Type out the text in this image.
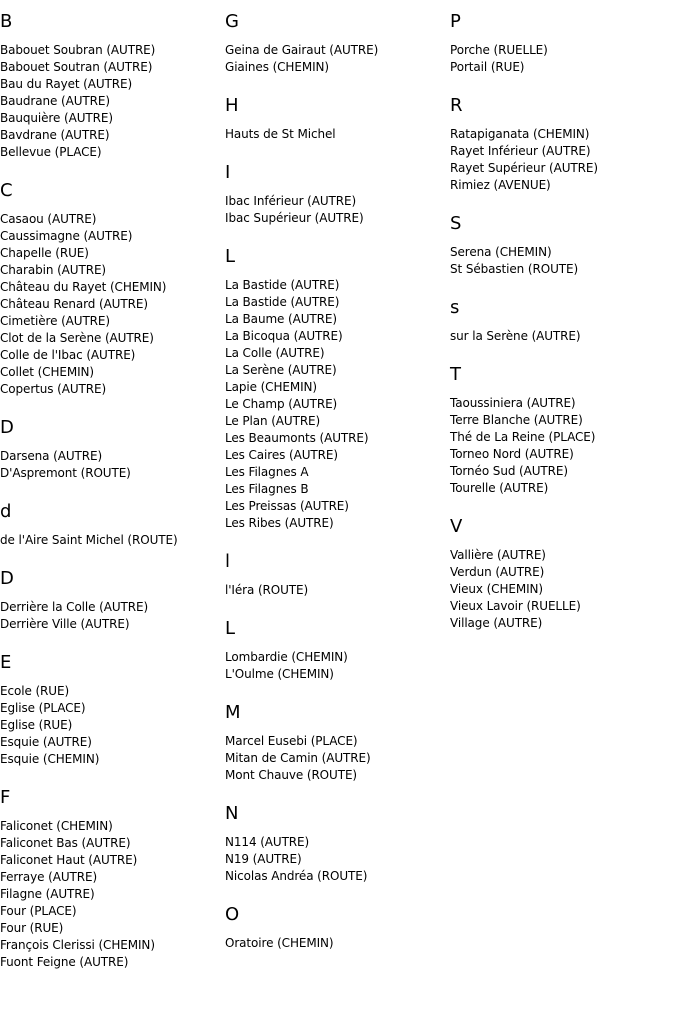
B
Babouet Soubran (AUTRE)
Babouet Soutran (AUTRE)
Bau du Rayet (AUTRE)
Baudrane (AUTRE)
Bauquière (AUTRE)
Bavdrane (AUTRE)
Bellevue (PLACE)
C
Casaou (AUTRE)
Caussimagne (AUTRE)
Chapelle (RUE)
Charabin (AUTRE)
Château du Rayet (CHEMIN)
Château Renard (AUTRE)
Cimetière (AUTRE)
Clot de la Serène (AUTRE)
Colle de l'Ibac (AUTRE)
Collet (CHEMIN)
Copertus (AUTRE)
D
Darsena (AUTRE)
D'Aspremont (ROUTE)
d
de l'Aire Saint Michel (ROUTE)
D
Derrière la Colle (AUTRE)
Derrière Ville (AUTRE)
E
Ecole (RUE)
Eglise (PLACE)
Eglise (RUE)
Esquie (AUTRE)
Esquie (CHEMIN)
F
Faliconet (CHEMIN)
Faliconet Bas (AUTRE)
Faliconet Haut (AUTRE)
Ferraye (AUTRE)
Filagne (AUTRE)
Four (PLACE)
Four (RUE)
François Clerissi (CHEMIN)
Fuont Feigne (AUTRE)
G
Geina de Gairaut (AUTRE)
Giaines (CHEMIN)
H
Hauts de St Michel
I
Ibac Inférieur (AUTRE)
Ibac Supérieur (AUTRE)
L
La Bastide (AUTRE)
La Bastide (AUTRE)
La Baume (AUTRE)
La Bicoqua (AUTRE)
La Colle (AUTRE)
La Serène (AUTRE)
Lapie (CHEMIN)
Le Champ (AUTRE)
Le Plan (AUTRE)
Les Beaumonts (AUTRE)
Les Caires (AUTRE)
Les Filagnes A
Les Filagnes B
Les Preissas (AUTRE)
Les Ribes (AUTRE)
l
l'Iéra (ROUTE)
L
Lombardie (CHEMIN)
L'Oulme (CHEMIN)
M
Marcel Eusebi (PLACE)
Mitan de Camin (AUTRE)
Mont Chauve (ROUTE)
N
N114 (AUTRE)
N19 (AUTRE)
Nicolas Andréa (ROUTE)
O
Oratoire (CHEMIN)
P
Porche (RUELLE)
Portail (RUE)
R
Ratapiganata (CHEMIN)
Rayet Inférieur (AUTRE)
Rayet Supérieur (AUTRE)
Rimiez (AVENUE)
S
Serena (CHEMIN)
St Sébastien (ROUTE)
s
sur la Serène (AUTRE)
T
Taoussiniera (AUTRE)
Terre Blanche (AUTRE)
Thé de La Reine (PLACE)
Torneo Nord (AUTRE)
Tornéo Sud (AUTRE)
Tourelle (AUTRE)
V
Vallière (AUTRE)
Verdun (AUTRE)
Vieux (CHEMIN)
Vieux Lavoir (RUELLE)
Village (AUTRE)
